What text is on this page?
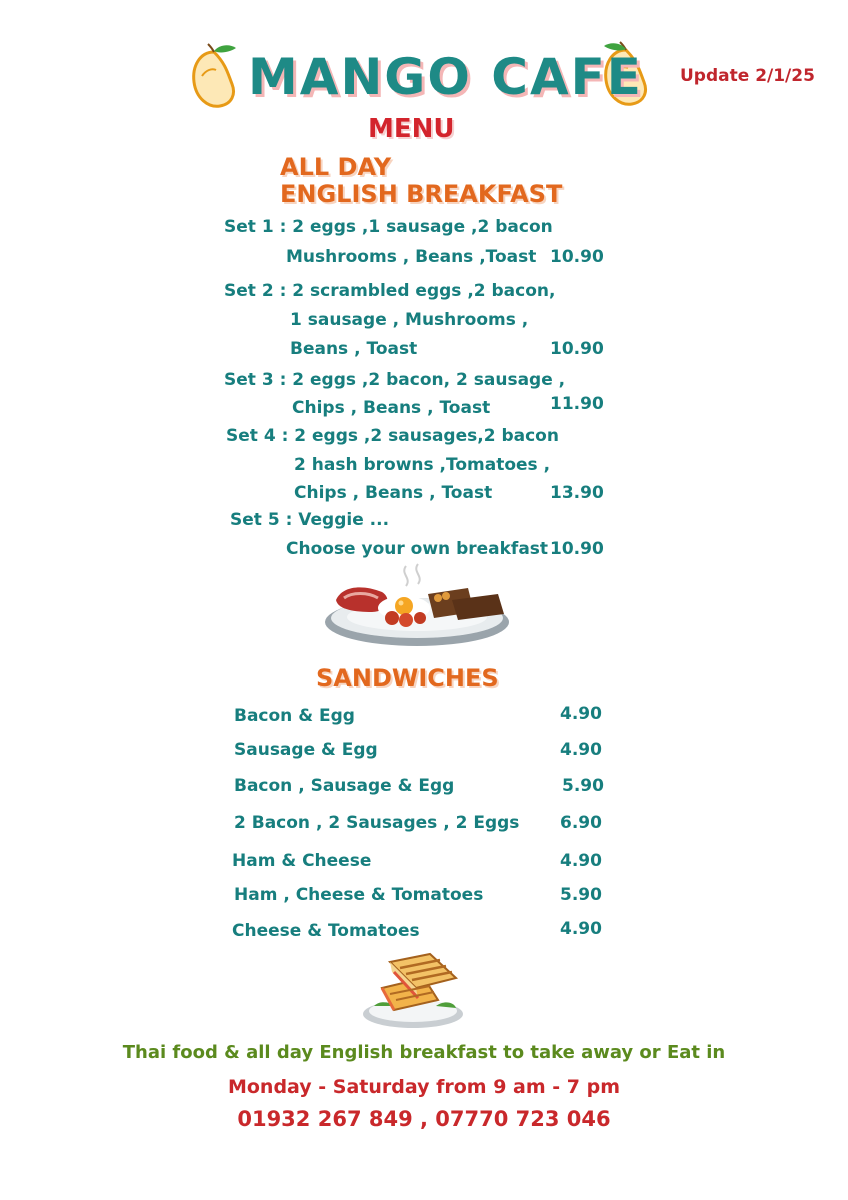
MANGO CAFE Update 2/1/25
MENU
ALL DAY
ENGLISH BREAKFAST
Set 1 : 2 eggs ,1 sausage ,2 bacon
Mushrooms , Beans ,Toast 10.90
Set 2 : 2 scrambled eggs ,2 bacon,
1 sausage , Mushrooms ,
Beans , Toast	10.90
Set 3 : 2 eggs ,2 bacon, 2 sausage ,
Chips , Beans , Toast	11.90
Set 4 : 2 eggs ,2 sausages,2 bacon
2 hash browns ,Tomatoes ,
Chips , Beans , Toast	13.90
Set 5 : Veggie ...
Choose your own breakfast 10.90
SANDWICHES
Bacon & Egg	4.90
Sausage & Egg	4.90
Bacon , Sausage & Egg	5.90
2 Bacon , 2 Sausages , 2 Eggs 6.90
Ham & Cheese	4.90
Ham , Cheese & Tomatoes	5.90
Cheese & Tomatoes	4.90
Thai food & all day English breakfast to take away or Eat in
Monday - Saturday from 9 am - 7 pm
01932 267 849 , 07770 723 046
